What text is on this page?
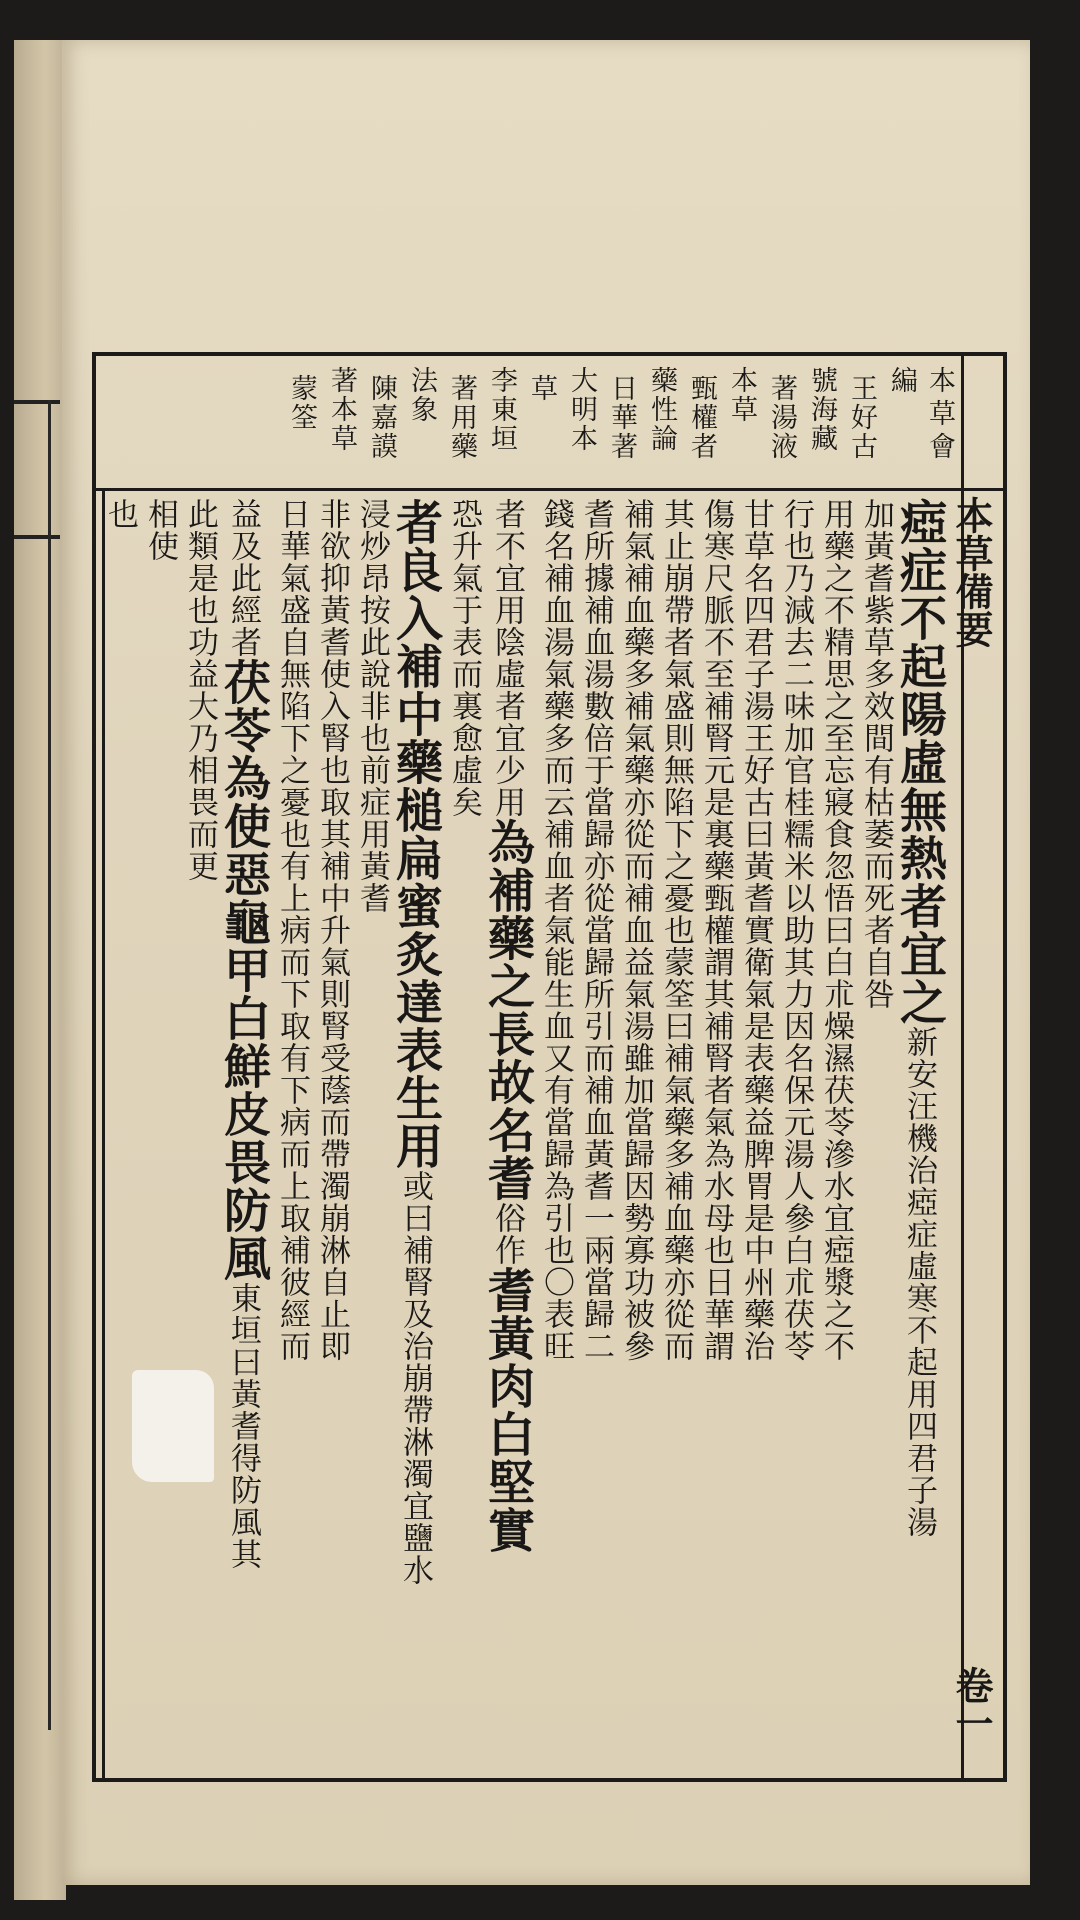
本草會
編
王好古
號海藏
著湯液
本草
甄權者
藥性論
日華著
大明本
草
李東垣
著用藥
法象
陳嘉謨
著本草
蒙筌
本草備要
卷一
瘂症不起陽虛無熱者宜之新安汪機治瘂症虛寒不起用四君子湯
加黃耆紫草多效間有枯萎而死者自咎
用藥之不精思之至忘寢食忽悟曰白朮燥濕茯苓滲水宜瘂漿之不
行也乃減去二味加官桂糯米以助其力因名保元湯人參白朮茯苓
甘草名四君子湯王好古曰黃耆實衛氣是表藥益脾胃是中州藥治
傷寒尺脈不至補腎元是裏藥甄權謂其補腎者氣為水母也日華謂
其止崩帶者氣盛則無陷下之憂也蒙筌曰補氣藥多補血藥亦從而
補氣補血藥多補氣藥亦從而補血益氣湯雖加當歸因勢寡功被參
耆所據補血湯數倍于當歸亦從當歸所引而補血黃耆一兩當歸二
錢名補血湯氣藥多而云補血者氣能生血又有當歸為引也〇表旺
者不宜用陰虛者宜少用為補藥之長故名耆俗作耆黃肉白堅實
恐升氣于表而裏愈虛矣
者良入補中藥槌扁蜜炙達表生用或曰補腎及治崩帶淋濁宜鹽水
浸炒昂按此說非也前症用黃耆
非欲抑黃耆使入腎也取其補中升氣則腎受蔭而帶濁崩淋自止即
日華氣盛自無陷下之憂也有上病而下取有下病而上取補彼經而
益及此經者茯苓為使惡龜甲白鮮皮畏防風東垣曰黃耆得防風其
此類是也功益大乃相畏而更
相使
也
